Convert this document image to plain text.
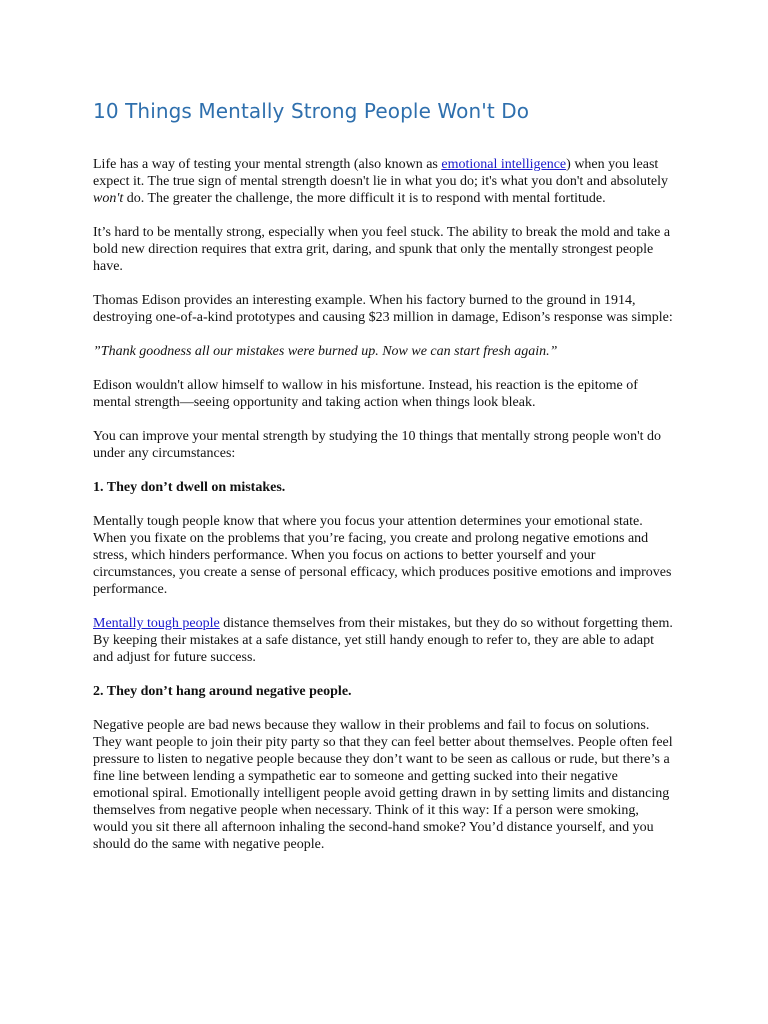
10 Things Mentally Strong People Won't Do

Life has a way of testing your mental strength (also known as emotional intelligence) when you least expect it. The true sign of mental strength doesn't lie in what you do; it's what you don't and absolutely won't do. The greater the challenge, the more difficult it is to respond with mental fortitude.

It’s hard to be mentally strong, especially when you feel stuck. The ability to break the mold and take a bold new direction requires that extra grit, daring, and spunk that only the mentally strongest people have.

Thomas Edison provides an interesting example. When his factory burned to the ground in 1914, destroying one-of-a-kind prototypes and causing $23 million in damage, Edison’s response was simple:

”Thank goodness all our mistakes were burned up. Now we can start fresh again.”

Edison wouldn't allow himself to wallow in his misfortune. Instead, his reaction is the epitome of mental strength—seeing opportunity and taking action when things look bleak.

You can improve your mental strength by studying the 10 things that mentally strong people won't do under any circumstances:

1. They don’t dwell on mistakes.

Mentally tough people know that where you focus your attention determines your emotional state. When you fixate on the problems that you’re facing, you create and prolong negative emotions and stress, which hinders performance. When you focus on actions to better yourself and your circumstances, you create a sense of personal efficacy, which produces positive emotions and improves performance.

Mentally tough people distance themselves from their mistakes, but they do so without forgetting them. By keeping their mistakes at a safe distance, yet still handy enough to refer to, they are able to adapt and adjust for future success.

2. They don’t hang around negative people.

Negative people are bad news because they wallow in their problems and fail to focus on solutions. They want people to join their pity party so that they can feel better about themselves. People often feel pressure to listen to negative people because they don’t want to be seen as callous or rude, but there’s a fine line between lending a sympathetic ear to someone and getting sucked into their negative emotional spiral. Emotionally intelligent people avoid getting drawn in by setting limits and distancing themselves from negative people when necessary. Think of it this way: If a person were smoking, would you sit there all afternoon inhaling the second-hand smoke? You’d distance yourself, and you should do the same with negative people.
